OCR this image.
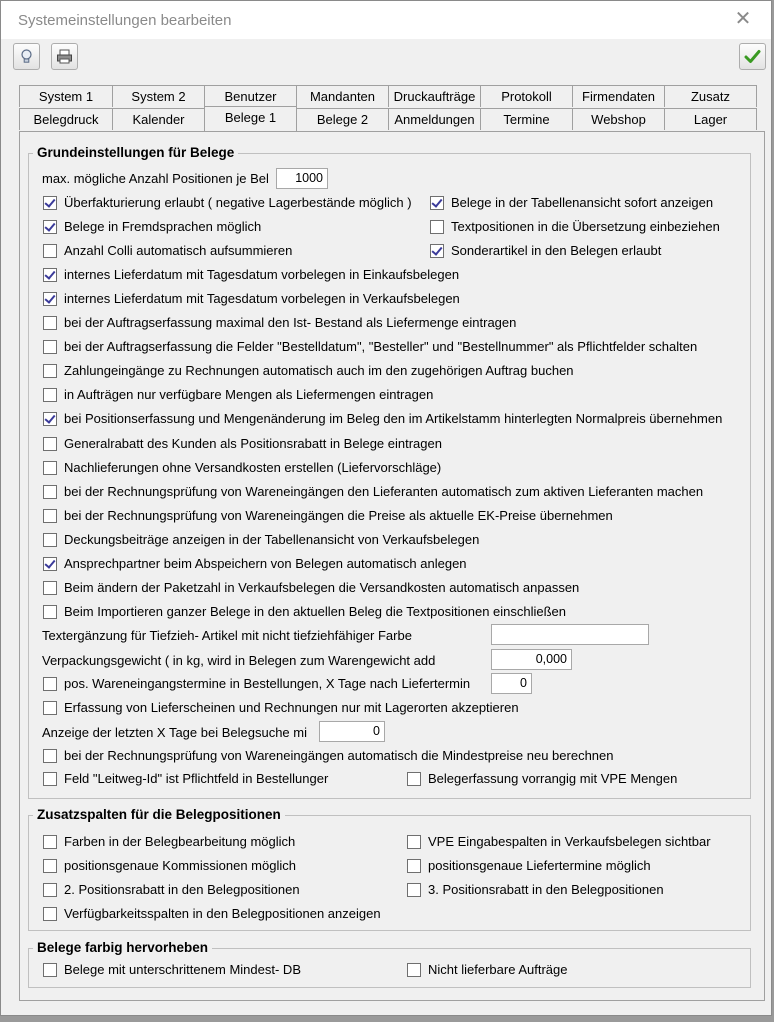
Systemeinstellungen bearbeiten	✕
System 1	System 2	Benutzer	Mandanten	Druckaufträge	Protokoll	Firmendaten	Zusatz
Belegdruck	Kalender	Belege 1	Belege 2	Anmeldungen	Termine	Webshop	Lager
Grundeinstellungen für Belege
max. mögliche Anzahl Positionen je Bel	1000
Textergänzung für Tiefzieh- Artikel mit nicht tiefziehfähiger Farbe
Verpackungsgewicht ( in kg, wird in Belegen zum Warengewicht add	0,000
pos. Wareneingangstermine in Bestellungen, X Tage nach Liefertermin	0
Erfassung von Lieferscheinen und Rechnungen nur mit Lagerorten akzeptieren
Anzeige der letzten X Tage bei Belegsuche mi	0
bei der Rechnungsprüfung von Wareneingängen automatisch die Mindestpreise neu berechnen
Feld "Leitweg-Id" ist Pflichtfeld in Bestellunger	Belegerfassung vorrangig mit VPE Mengen
Zusatzspalten für die Belegpositionen
Belege farbig hervorheben
Überfakturierung erlaubt ( negative Lagerbestände möglich )	Belege in der Tabellenansicht sofort anzeigen
Belege in Fremdsprachen möglich	Textpositionen in die Übersetzung einbeziehen
Anzahl Colli automatisch aufsummieren	Sonderartikel in den Belegen erlaubt
internes Lieferdatum mit Tagesdatum vorbelegen in Einkaufsbelegen
internes Lieferdatum mit Tagesdatum vorbelegen in Verkaufsbelegen
bei der Auftragserfassung maximal den Ist- Bestand als Liefermenge eintragen
bei der Auftragserfassung die Felder "Bestelldatum", "Besteller" und "Bestellnummer" als Pflichtfelder schalten
Zahlungeingänge zu Rechnungen automatisch auch im den zugehörigen Auftrag buchen
in Aufträgen nur verfügbare Mengen als Liefermengen eintragen
bei Positionserfassung und Mengenänderung im Beleg den im Artikelstamm hinterlegten Normalpreis übernehmen
Generalrabatt des Kunden als Positionsrabatt in Belege eintragen
Nachlieferungen ohne Versandkosten erstellen (Liefervorschläge)
bei der Rechnungsprüfung von Wareneingängen den Lieferanten automatisch zum aktiven Lieferanten machen
bei der Rechnungsprüfung von Wareneingängen die Preise als aktuelle EK-Preise übernehmen
Deckungsbeiträge anzeigen in der Tabellenansicht von Verkaufsbelegen
Ansprechpartner beim Abspeichern von Belegen automatisch anlegen
Beim ändern der Paketzahl in Verkaufsbelegen die Versandkosten automatisch anpassen
Beim Importieren ganzer Belege in den aktuellen Beleg die Textpositionen einschließen
Farben in der Belegbearbeitung möglich	VPE Eingabespalten in Verkaufsbelegen sichtbar
positionsgenaue Kommissionen möglich	positionsgenaue Liefertermine möglich
2. Positionsrabatt in den Belegpositionen	3. Positionsrabatt in den Belegpositionen
Verfügbarkeitsspalten in den Belegpositionen anzeigen
Belege mit unterschrittenem Mindest- DB	Nicht lieferbare Aufträge
